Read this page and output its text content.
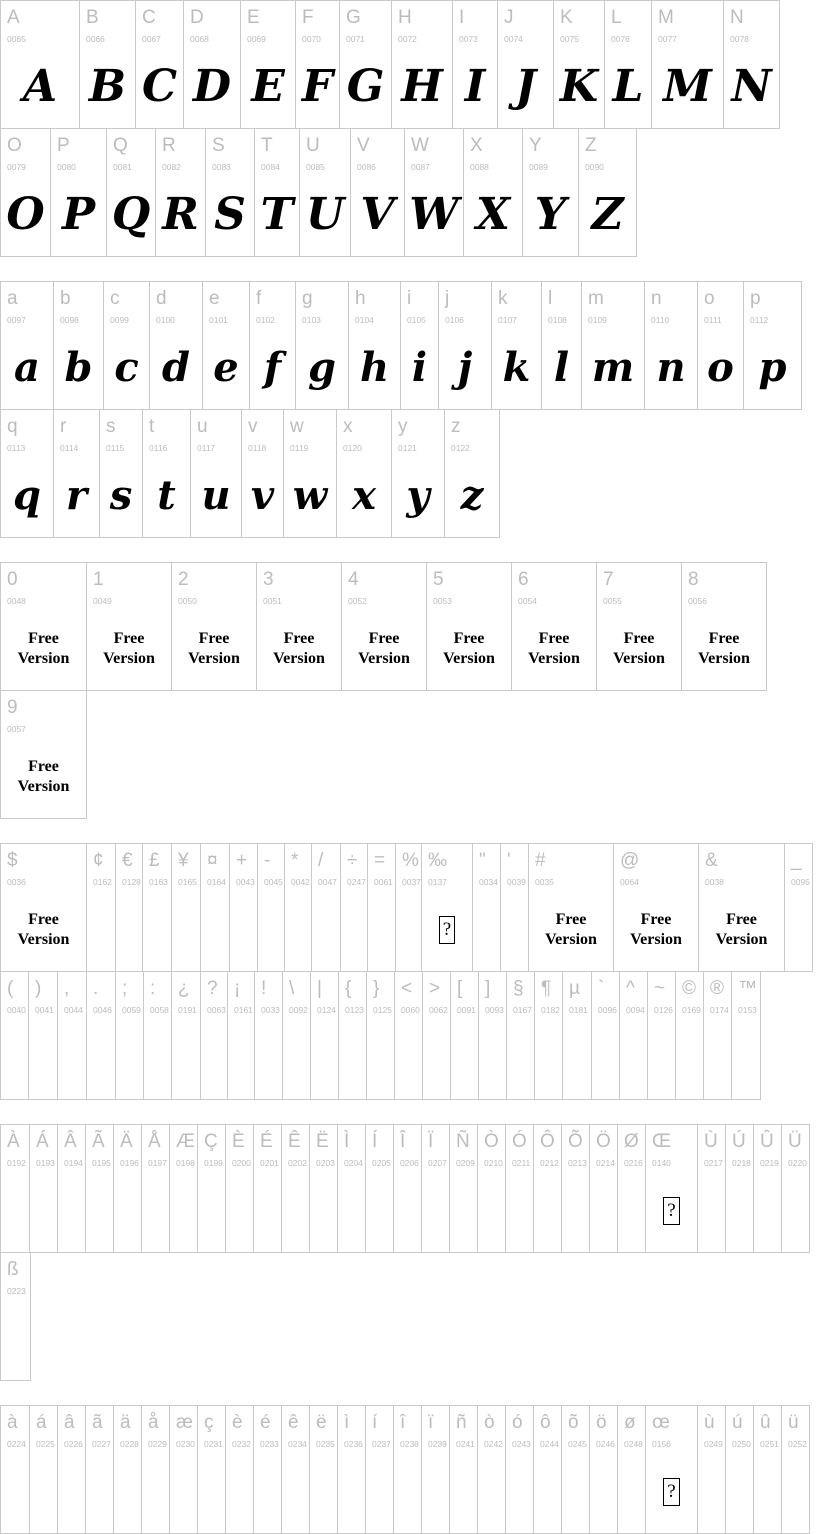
A
0065
A
B
0066
B
C
0067
C
D
0068
D
E
0069
E
F
0070
F
G
0071
G
H
0072
H
I
0073
I
J
0074
J
K
0075
K
L
0076
L
M
0077
M
N
0078
N
O
0079
O
P
0080
P
Q
0081
Q
R
0082
R
S
0083
S
T
0084
T
U
0085
U
V
0086
V
W
0087
W
X
0088
X
Y
0089
Y
Z
0090
Z
a
0097
a
b
0098
b
c
0099
c
d
0100
d
e
0101
e
f
0102
f
g
0103
g
h
0104
h
i
0105
i
j
0106
j
k
0107
k
l
0108
l
m
0109
m
n
0110
n
o
0111
o
p
0112
p
q
0113
q
r
0114
r
s
0115
s
t
0116
t
u
0117
u
v
0118
v
w
0119
w
x
0120
x
y
0121
y
z
0122
z
0
0048
Free
Version
1
0049
Free
Version
2
0050
Free
Version
3
0051
Free
Version
4
0052
Free
Version
5
0053
Free
Version
6
0054
Free
Version
7
0055
Free
Version
8
0056
Free
Version
9
0057
Free
Version
$
0036
Free
Version
¢
0162
€
0128
£
0163
¥
0165
¤
0164
+
0043
-
0045
*
0042
/
0047
÷
0247
=
0061
%
0037
‰
0137
?
"
0034
'
0039
#
0035
Free
Version
@
0064
Free
Version
&
0038
Free
Version
_
0095
(
0040
)
0041
,
0044
.
0046
;
0059
:
0058
¿
0191
?
0063
¡
0161
!
0033
\
0092
|
0124
{
0123
}
0125
<
0060
>
0062
[
0091
]
0093
§
0167
¶
0182
µ
0181
`
0096
^
0094
~
0126
©
0169
®
0174
™
0153
À
0192
Á
0193
Â
0194
Ã
0195
Ä
0196
Å
0197
Æ
0198
Ç
0199
È
0200
É
0201
Ê
0202
Ë
0203
Ì
0204
Í
0205
Î
0206
Ï
0207
Ñ
0209
Ò
0210
Ó
0211
Ô
0212
Õ
0213
Ö
0214
Ø
0216
Œ
0140
?
Ù
0217
Ú
0218
Û
0219
Ü
0220
ß
0223
à
0224
á
0225
â
0226
ã
0227
ä
0228
å
0229
æ
0230
ç
0231
è
0232
é
0233
ê
0234
ë
0235
ì
0236
í
0237
î
0238
ï
0239
ñ
0241
ò
0242
ó
0243
ô
0244
õ
0245
ö
0246
ø
0248
œ
0156
?
ù
0249
ú
0250
û
0251
ü
0252
